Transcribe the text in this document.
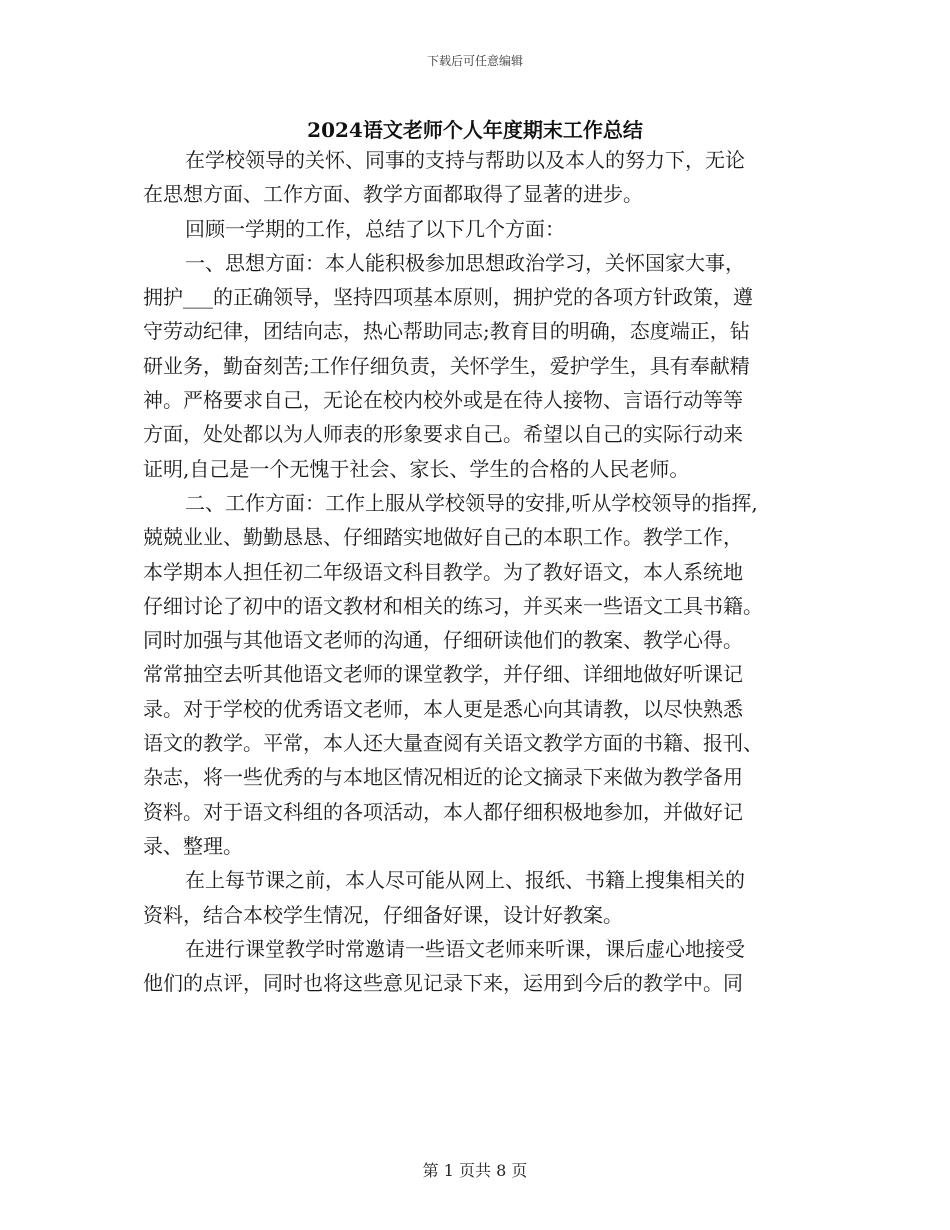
下载后可任意编辑
2024语文老师个人年度期末工作总结

在学校领导的关怀、同事的支持与帮助以及本人的努力下，无论
在思想方面、工作方面、教学方面都取得了显著的进步。

回顾一学期的工作，总结了以下几个方面：

一、思想方面：本人能积极参加思想政治学习，关怀国家大事，
拥护___的正确领导，坚持四项基本原则，拥护党的各项方针政策，遵
守劳动纪律，团结向志，热心帮助同志;教育目的明确，态度端正，钻
研业务，勤奋刻苦;工作仔细负责，关怀学生，爱护学生，具有奉献精
神。严格要求自己，无论在校内校外或是在待人接物、言语行动等等
方面，处处都以为人师表的形象要求自己。希望以自己的实际行动来
证明,自己是一个无愧于社会、家长、学生的合格的人民老师。

二、工作方面：工作上服从学校领导的安排,听从学校领导的指挥,
兢兢业业、勤勤恳恳、仔细踏实地做好自己的本职工作。教学工作，
本学期本人担任初二年级语文科目教学。为了教好语文，本人系统地
仔细讨论了初中的语文教材和相关的练习，并买来一些语文工具书籍。
同时加强与其他语文老师的沟通，仔细研读他们的教案、教学心得。
常常抽空去听其他语文老师的课堂教学，并仔细、详细地做好听课记
录。对于学校的优秀语文老师，本人更是悉心向其请教，以尽快熟悉
语文的教学。平常，本人还大量查阅有关语文教学方面的书籍、报刊、
杂志，将一些优秀的与本地区情况相近的论文摘录下来做为教学备用
资料。对于语文科组的各项活动，本人都仔细积极地参加，并做好记
录、整理。

在上每节课之前，本人尽可能从网上、报纸、书籍上搜集相关的
资料，结合本校学生情况，仔细备好课，设计好教案。

在进行课堂教学时常邀请一些语文老师来听课，课后虚心地接受
他们的点评，同时也将这些意见记录下来，运用到今后的教学中。同

第 1 页共 8 页
